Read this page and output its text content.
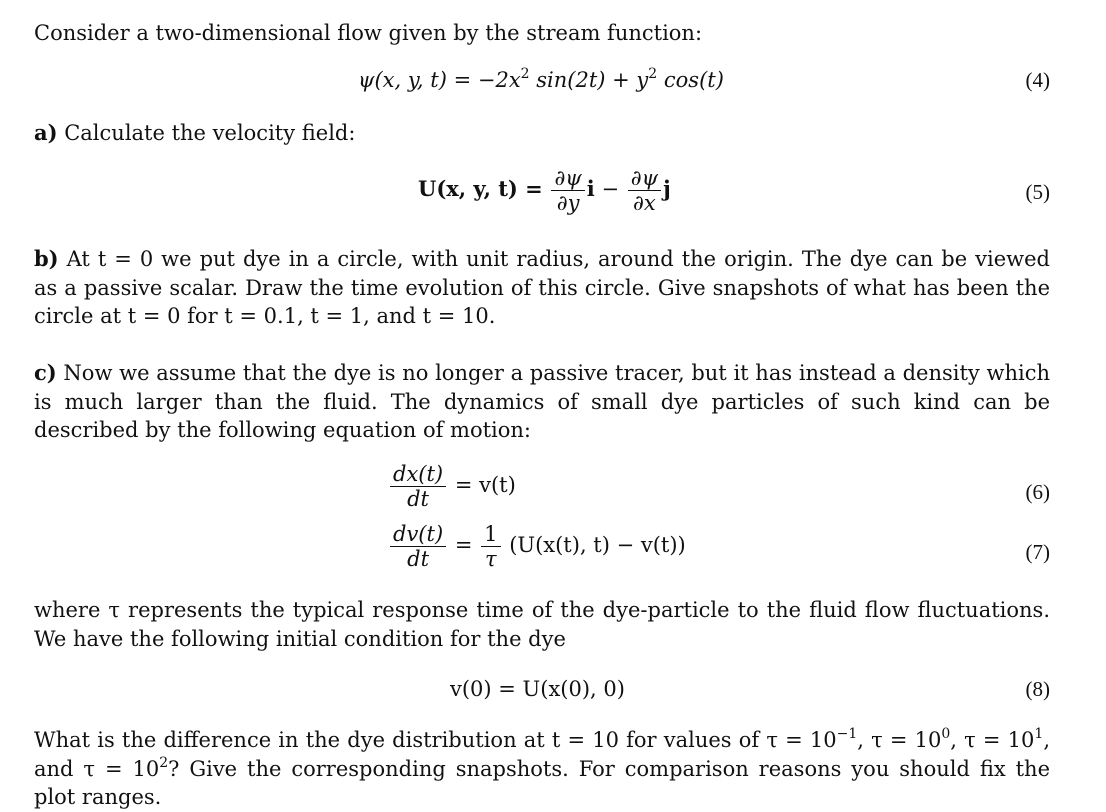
Consider a two-dimensional flow given by the stream function:
ψ(x, y, $t) = -2x^2$ $\sin(2t) + y^2$ cos(t)	(4)
a) Calculate the velocity field:
U(x, y, $t) = \frac{\partial\psi}{\partial y}$ $i - \frac{\partial\psi}{\partial x}$ j	(5)
b) At t = 0 we put dye in a circle, with unit radius, around the origin. The dye can be viewed as a passive scalar. Draw the time evolution of this circle. Give snapshots of what has been the circle at t = 0 for t = 0.1, t = 1, and t = 10.
c) Now we assume that the dye is no longer a passive tracer, but it has instead a density which is much larger than the fluid. The dynamics of small dye particles of such kind can be described by the following equation of motion:
$\frac{dx(t)}{dt} = v(t)$	(6)
$\frac{dv(t)}{dt} = \frac{1}{\tau} (U(x(t)$, t) − v(t))	(7)
where τ represents the typical response time of the dye-particle to the fluid flow fluctuations. We have the following initial condition for the dye
v(0) = U(x(0), 0)	(8)
What is the difference in the dye distribution at t = 10 for values of $\tau = 10^{-1}$, $\tau = 10^0$, $\tau = 10^1$, and $\tau = 10^2$? Give the corresponding snapshots. For comparison reasons you should fix the plot ranges.
